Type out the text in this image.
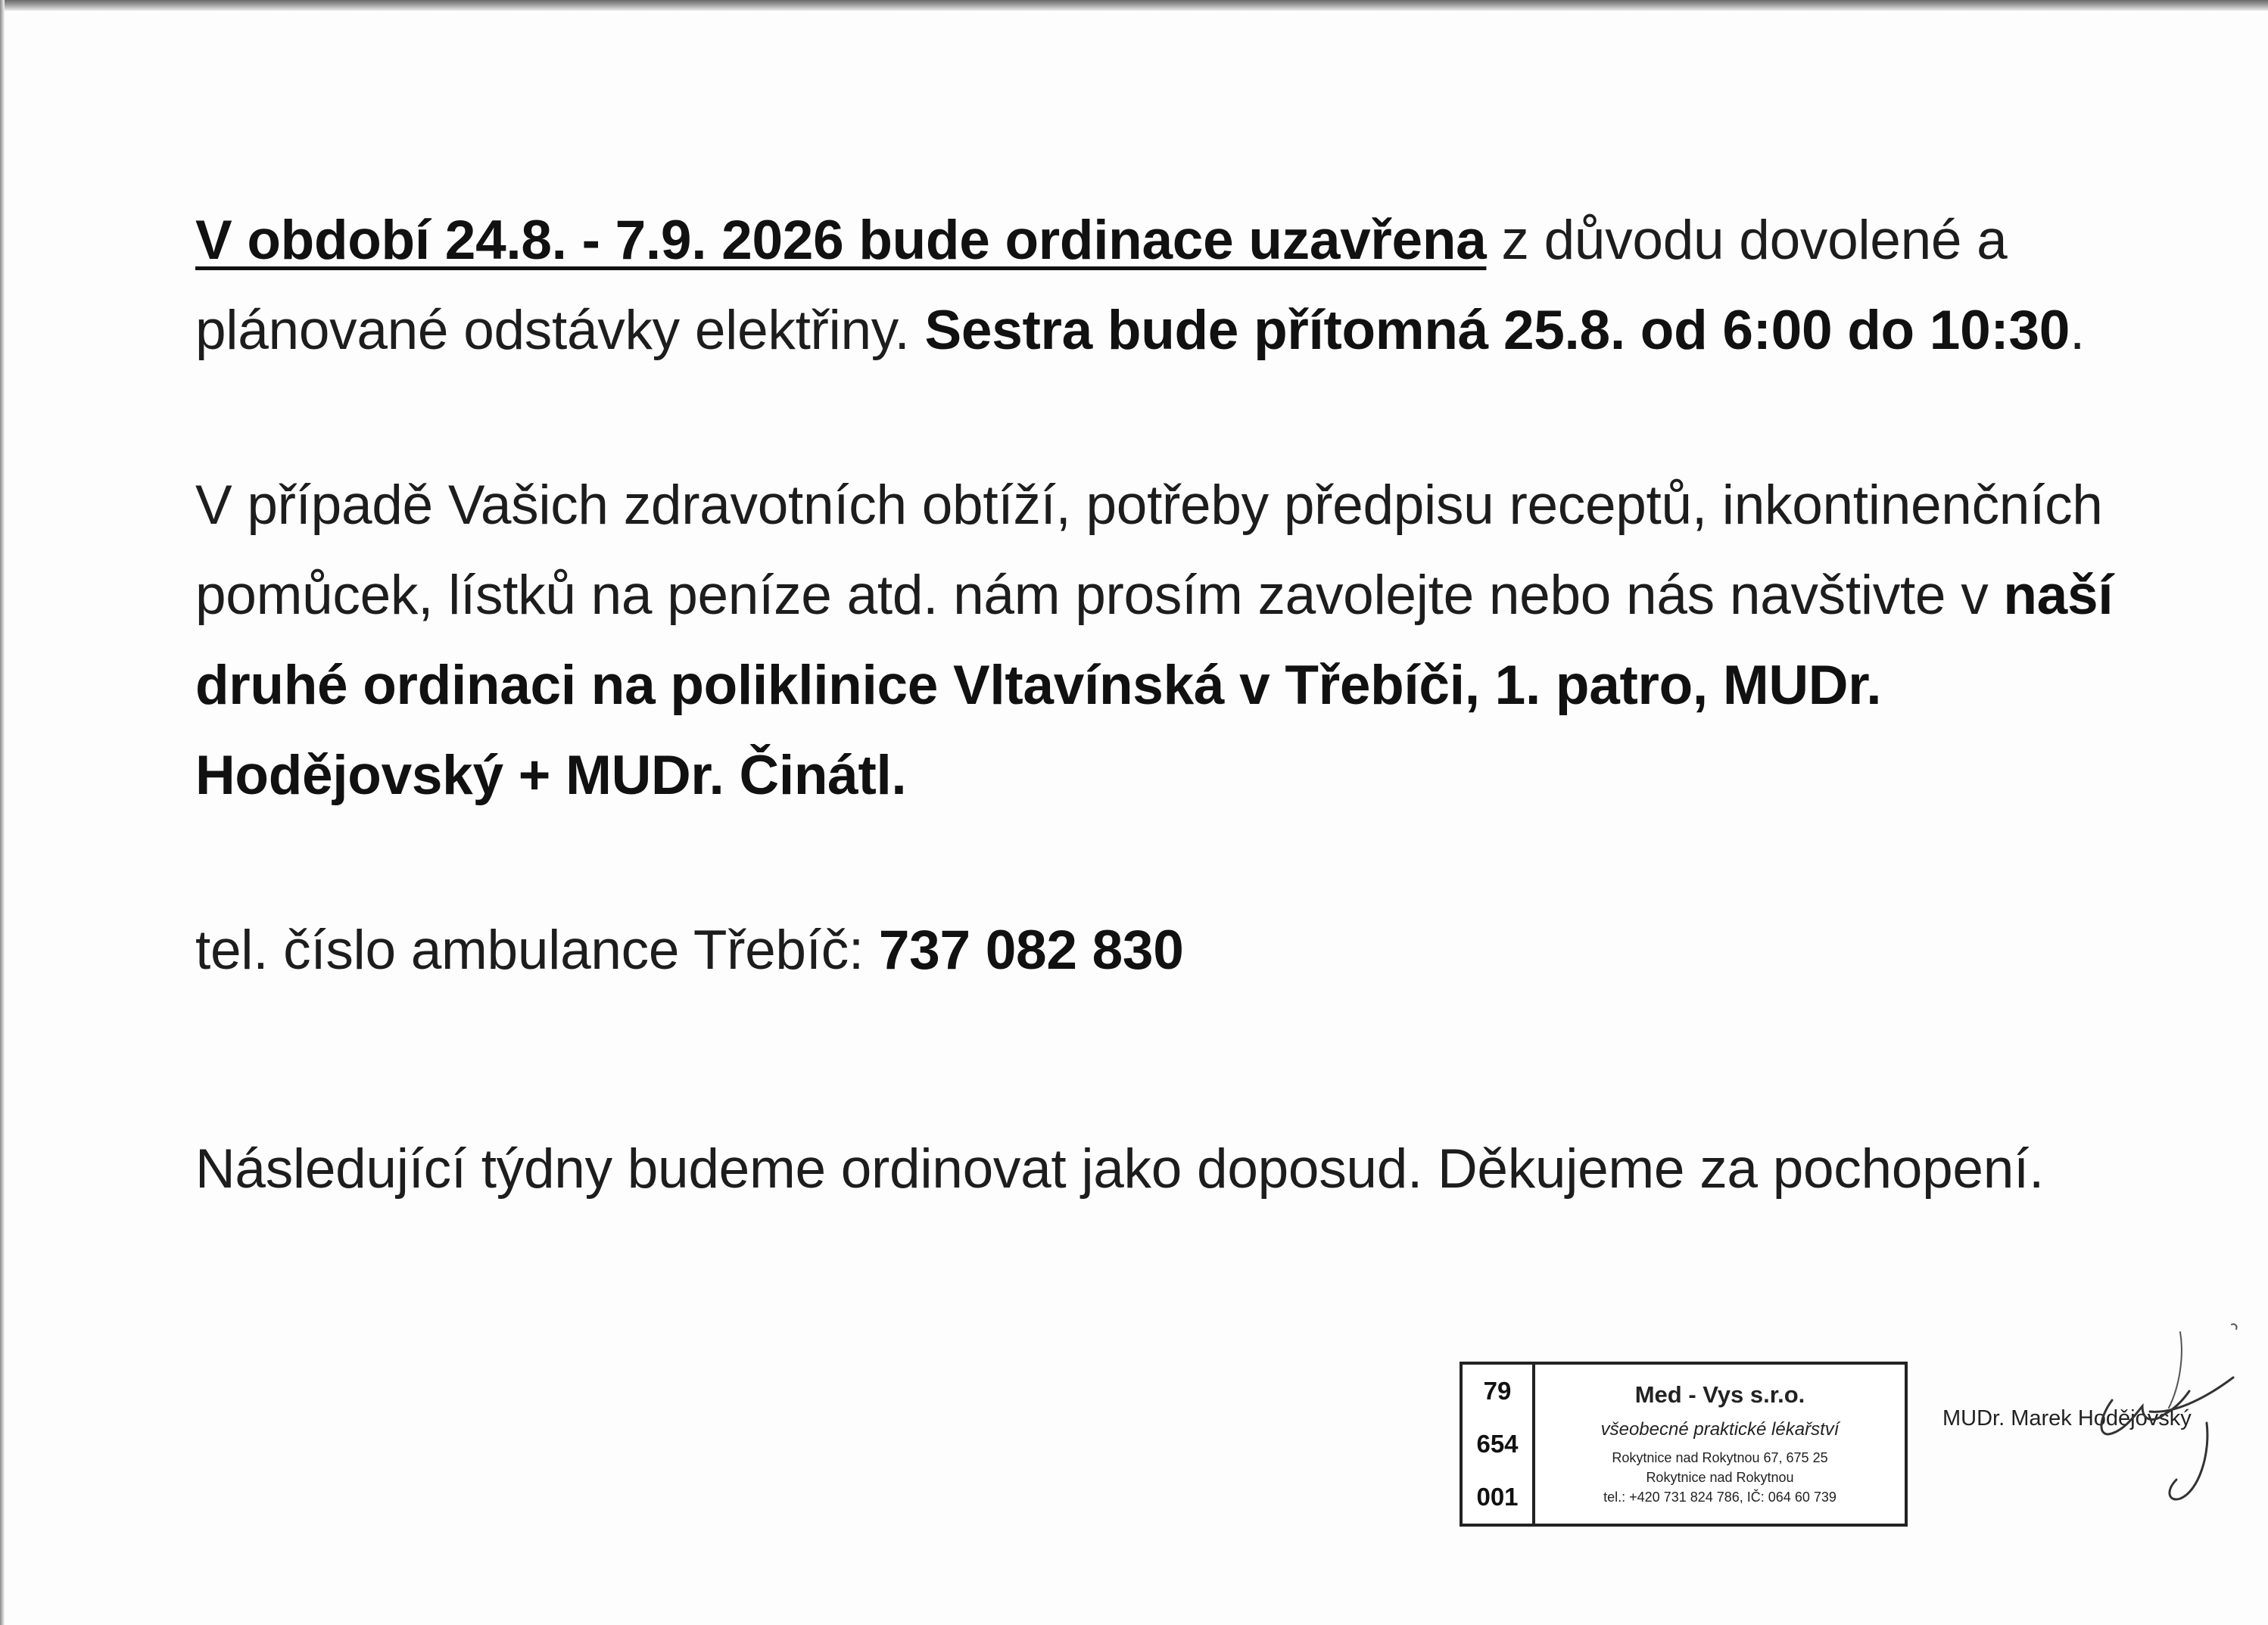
V období 24.8. - 7.9. 2026 bude ordinace uzavřena z důvodu dovolené a plánované odstávky elektřiny. Sestra bude přítomná 25.8. od 6:00 do 10:30.

V případě Vašich zdravotních obtíží, potřeby předpisu receptů, inkontinenčních pomůcek, lístků na peníze atd. nám prosím zavolejte nebo nás navštivte v naší druhé ordinaci na poliklinice Vltavínská v Třebíči, 1. patro, MUDr. Hodějovský + MUDr. Činátl.

tel. číslo ambulance Třebíč: 737 082 830

Následující týdny budeme ordinovat jako doposud. Děkujeme za pochopení.

79
654
001
Med - Vys s.r.o.
všeobecné praktické lékařství
Rokytnice nad Rokytnou 67, 675 25
Rokytnice nad Rokytnou
tel.: +420 731 824 786, IČ: 064 60 739
MUDr. Marek Hodějovský
